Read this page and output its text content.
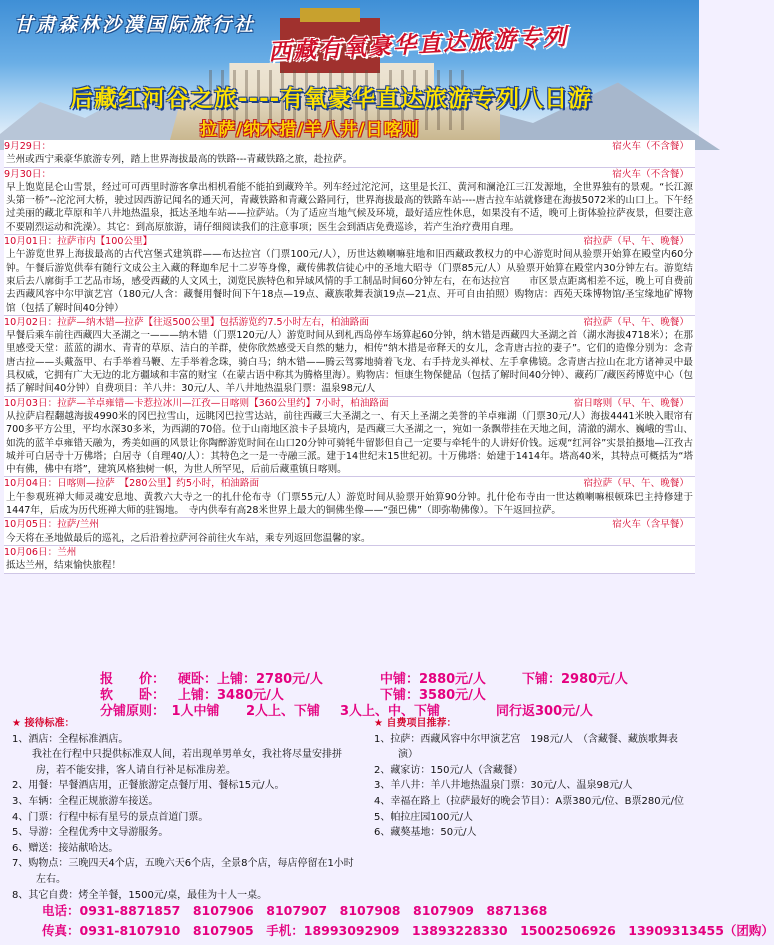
甘肃森林沙漠国际旅行社 西藏有氧豪华直达旅游专列
后藏红河谷之旅----有氧豪华直达旅游专列八日游
拉萨/纳木措/羊八井/日喀则
9月29日：	宿火车（不含餐）
兰州或西宁乘豪华旅游专列，踏上世界海拔最高的铁路---青藏铁路之旅，赴拉萨。
9月30日：	宿火车（不含餐）
早上饱览昆仑山雪景，经过可可西里时游客拿出相机看能不能拍到藏羚羊。列车经过沱沱河，这里是长江、黄河和澜沧江三江发源地，全世界独有的景观。“长江源头第一桥”--沱沱河大桥，驶过因西游记闻名的通天河，青藏铁路和青藏公路同行，世界海拔最高的铁路车站----唐古拉车站就修建在海拔5072米的山口上。下午经过美丽的藏北草原和羊八井地热温泉，抵达圣地车站——拉萨站。（为了适应当地气候及环境，最好适应性休息，如果没有不适，晚可上街体验拉萨夜景，但要注意不要剧烈运动和洗澡）。其它：到高原旅游，请仔细阅读我们的注意事项；医生会到酒店免费巡诊，若产生治疗费用自理。
10月01日：拉萨市内【100公里】	宿拉萨（早、午、晚餐）
上午游览世界上海拔最高的古代宫堡式建筑群——布达拉宫（门票100元/人），历世达赖喇嘛驻地和旧西藏政教权力的中心游览时间从验票开始算在殿堂内60分钟。午餐后游览供奉有随行文成公主入藏的释迦牟尼十二岁等身像，藏传佛教信徒心中的圣地大昭寺（门票85元/人）从验票开始算在殿堂内30分钟左右。游览结束后去八廓街手工艺品市场，感受西藏的人文风土，浏览民族特色和异域风情的手工制品时间60分钟左右，在布达拉宫　　市区景点距离相差不远，晚上可自费前去西藏风容中尔甲演艺宫（180元/人含：藏餐用餐时间下午18点—19点、藏族歌舞表演19点—21点、开可自由拍照）购物店：西苑天珠博物馆/圣宝缘地矿博物馆（包括了解时间40分钟）
10月02日：拉萨—纳木错—拉萨【往返500公里】包括游览约7.5小时左右，柏油路面	宿拉萨（早、午、晚餐）
早餐后乘车前往西藏四大圣湖之一———纳木错（门票120元/人）游览时间从到札西岛停车场算起60分钟，纳木错是西藏四大圣湖之首（湖水海拔4718米）；在那里感受天堂：蓝蓝的湖水、青青的草原、洁白的羊群，使你欣然感受天自然的魅力，相传“纳木措是帝释天的女儿，念青唐古拉的妻子”。它们的造像分别为：念青唐古拉——头戴盔甲、右手举着马鞭、左手举着念珠，骑白马；纳木错——腾云驾雾地骑着飞龙、右手持龙头禅杖、左手拿佛镜。念青唐古拉山在北方诸神灵中最具权威，它拥有广大无边的北方疆域和丰富的财宝（在蒙古语中称其为腾格里海）。购物店：恒康生物保健品（包括了解时间40分钟）、藏药厂/藏医药博览中心（包括了解时间40分钟）自费项目：羊八井：30元/人、羊八井地热温泉门票：温泉98元/人
10月03日：拉萨—羊卓雍错—卡惹拉冰川—江孜—日喀则【360公里约】7小时，柏油路面	宿日喀则（早、午、晚餐）
从拉萨启程翻越海拔4990米的冈巴拉雪山，远眺冈巴拉雪达站，前往西藏三大圣湖之一、有天上圣湖之美誉的羊卓雍湖（门票30元/人）海拔4441米映入眼帘有700多平方公里，平均水深30多米，为西湖的70倍。位于山南地区浪卡子县境内，是西藏三大圣湖之一，宛如一条飘带挂在天地之间，清澈的湖水、巍峨的雪山、如洗的蓝羊卓雍错天融为，秀美如画的风景让你陶醉游览时间在山口20分钟可骑牦牛留影但自己一定要与牵牦牛的人讲好价钱。远观“红河谷”实景拍摄地—江孜古城并可白居寺十万佛塔；白居寺（自理40/人）：其特色之一是一寺融三派。建于14世纪末15世纪初。十万佛塔：始建于1414年。塔高40米，其特点可概括为“塔中有佛，佛中有塔”，建筑风格独树一帜，为世人所罕见，后前后藏重镇日喀则。
10月04日：日喀则—拉萨　【280公里】约5小时，柏油路面	宿拉萨（早、午、晚餐）
上午参观班禅大师灵魂安息地、黄教六大寺之一的扎什伦布寺（门票55元/人）游览时间从验票开始算90分钟。扎什伦布寺由一世达赖喇嘛根顿珠巴主持修建于1447年，后成为历代班禅大师的驻锡地。　寺内供奉有高28米世界上最大的铜佛坐像——“强巴佛”（即弥勒佛像）。下午返回拉萨。
10月05日：拉萨/兰州	宿火车（含早餐）
今天将在圣地做最后的巡礼，之后沿着拉萨河谷前往火车站，乘专列返回您温馨的家。
10月06日：兰州
抵达兰州，结束愉快旅程！
报　　价： 硬卧：上铺：2780元/人	中铺：2880元/人	下铺：2980元/人
软　　卧： 上铺：3480元/人	下铺：3580元/人
分铺原则：　1人中铺 2人上、下铺 3人上、中、下铺	同行返300元/人
★ 接待标准：
1、酒店：全程标准酒店。
　　我社在行程中只提供标准双人间，若出现单男单女，我社将尽量安排拼房，若不能安排，客人请自行补足标准房差。
2、用餐：早餐酒店用，正餐旅游定点餐厅用、餐标15元/人。
3、车辆：全程正规旅游车接送。
4、门票：行程中标有星号的景点首道门票。
5、导游：全程优秀中文导游服务。
6、赠送：接站献哈达。
7、购物点：三晚四天4个店，五晚六天6个店，全景8个店，每店停留在1小时左右。
8、其它自费：烤全羊餐，1500元/桌，最佳为十人一桌。
★ 自费项目推荐：
1、拉萨：西藏风容中尔甲演艺宫　198元/人　（含藏餐、藏族歌舞表演）
2、藏家访：150元/人（含藏餐）
3、羊八井：羊八井地热温泉门票：30元/人、温泉98元/人
4、幸福在路上（拉萨最好的晚会节目）：A票380元/位、B票280元/位
5、帕拉庄园100元/人
6、藏獒基地：50元/人
电话：0931-8871857　8107906　8107907　8107908　8107909　8871368
传真：0931-8107910　8107905　手机：18993092909　13893228330　15002506926　13909313455（团购）
